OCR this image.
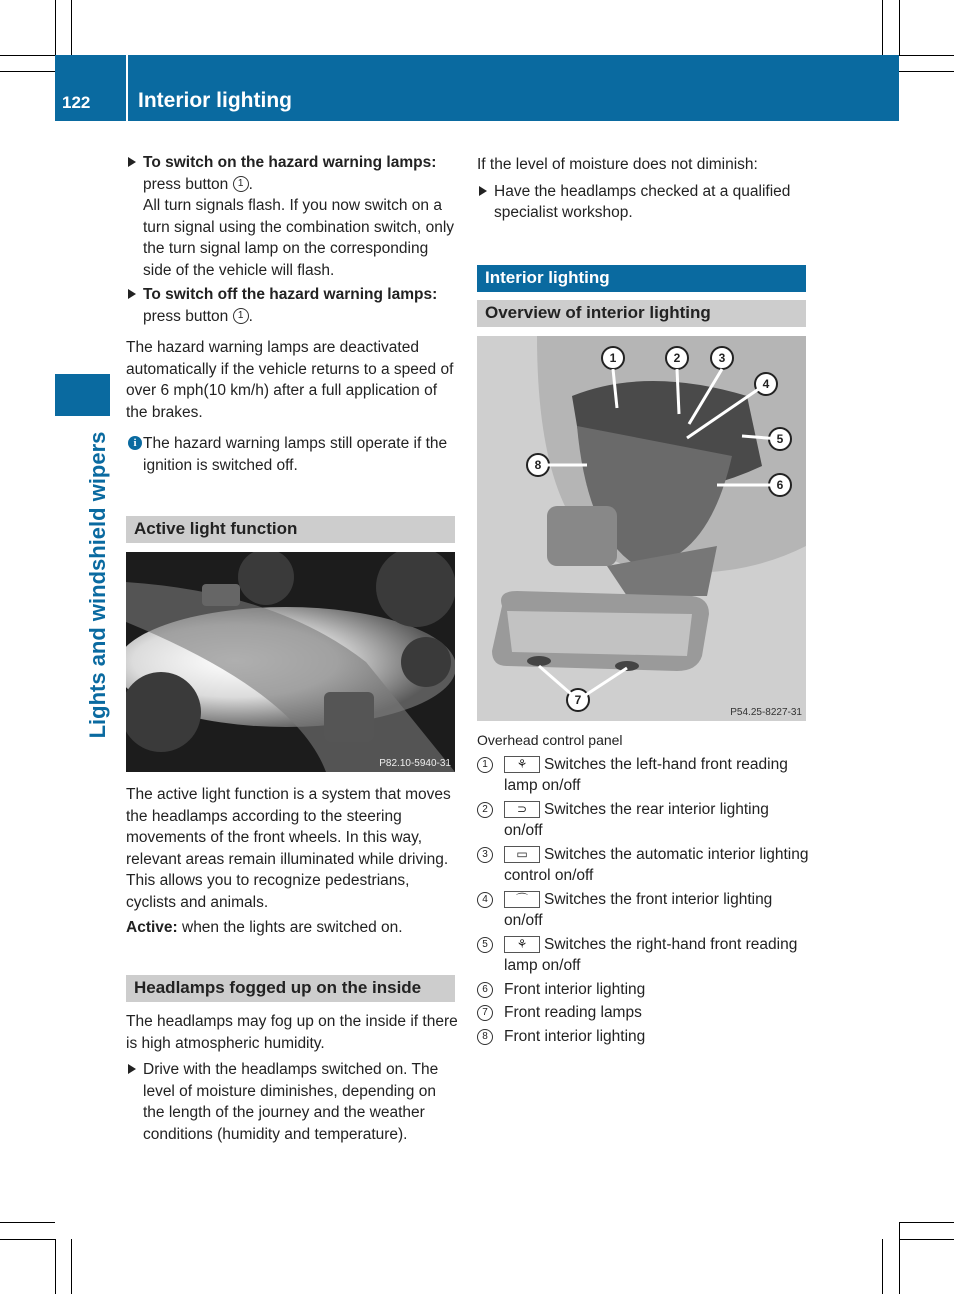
122 Interior lighting
Lights and windshield wipers

To switch on the hazard warning lamps:
press button 1 .

All turn signals flash. If you now switch on a turn signal using the combination switch, only the turn signal lamp on the corresponding side of the vehicle will flash.

To switch off the hazard warning lamps: press button 1 .

The hazard warning lamps are deactivated automatically if the vehicle returns to a speed of over 6 mph(10 km/h) after a full application of the brakes.

i The hazard warning lamps still operate if the ignition is switched off.

Active light function
P82.10-5940-31

The active light function is a system that moves the headlamps according to the steering movements of the front wheels. In this way, relevant areas remain illuminated while driving. This allows you to recognize pedestrians, cyclists and animals.

Active: when the lights are switched on.

Headlamps fogged up on the inside

The headlamps may fog up on the inside if there is high atmospheric humidity.

Drive with the headlamps switched on. The level of moisture diminishes, depending on the length of the journey and the weather conditions (humidity and temperature).

If the level of moisture does not diminish:

Have the headlamps checked at a qualified specialist workshop.

Interior lighting
Overview of interior lighting
1	2	3
4
5
6
7
8
P54.25-8227-31

Overhead control panel

1	⚘ Switches the left-hand front reading lamp on/off

2	⊃ Switches the rear interior lighting on/off

3	▭ Switches the automatic interior lighting control on/off

4	⌒ Switches the front interior lighting on/off

5	⚘ Switches the right-hand front reading lamp on/off

6	Front interior lighting

7	Front reading lamps

8	Front interior lighting
